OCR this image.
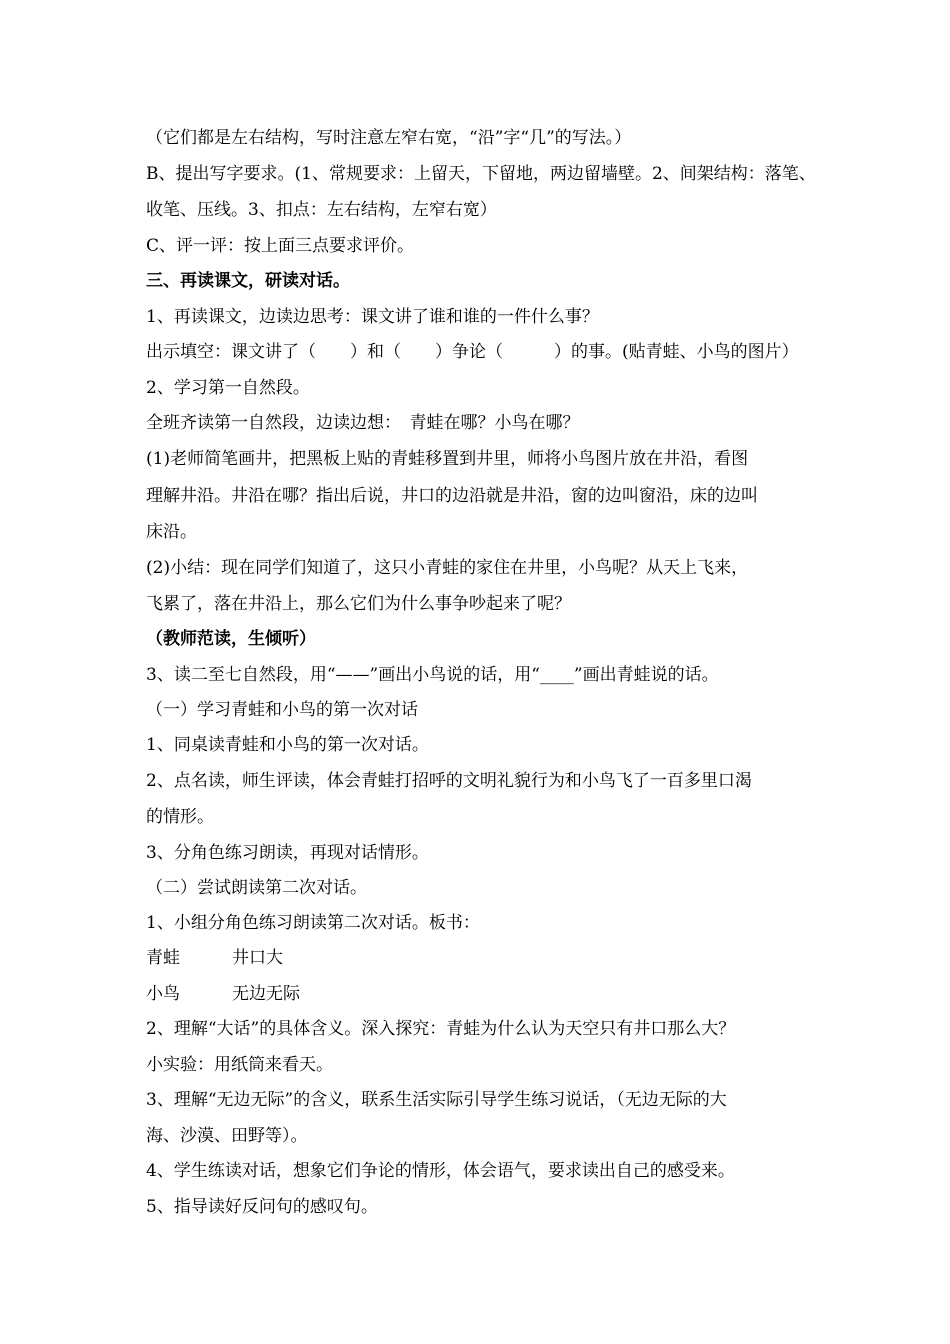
（它们都是左右结构，写时注意左窄右宽，“沿”字“几”的写法。）
B、提出写字要求。(1、常规要求：上留天，下留地，两边留墙壁。2、间架结构：落笔、
收笔、压线。3、扣点：左右结构，左窄右宽）
C、评一评：按上面三点要求评价。
三、再读课文，研读对话。
1、再读课文，边读边思考：课文讲了谁和谁的一件什么事？
出示填空：课文讲了（　　）和（　　）争论（　　　）的事。(贴青蛙、小鸟的图片）
2、学习第一自然段。
全班齐读第一自然段，边读边想：　青蛙在哪？小鸟在哪？
(1)老师简笔画井，把黑板上贴的青蛙移置到井里，师将小鸟图片放在井沿，看图
理解井沿。井沿在哪？指出后说，井口的边沿就是井沿，窗的边叫窗沿，床的边叫
床沿。
(2)小结：现在同学们知道了，这只小青蛙的家住在井里，小鸟呢？从天上飞来，
飞累了，落在井沿上，那么它们为什么事争吵起来了呢？
（教师范读，生倾听）
3、读二至七自然段，用“——”画出小鸟说的话，用“____”画出青蛙说的话。
（一）学习青蛙和小鸟的第一次对话
1、同桌读青蛙和小鸟的第一次对话。
2、点名读，师生评读，体会青蛙打招呼的文明礼貌行为和小鸟飞了一百多里口渴
的情形。
3、分角色练习朗读，再现对话情形。
（二）尝试朗读第二次对话。
1、小组分角色练习朗读第二次对话。板书：
青蛙	井口大
小鸟	无边无际
2、理解“大话”的具体含义。深入探究：青蛙为什么认为天空只有井口那么大？
小实验：用纸筒来看天。
3、理解“无边无际”的含义，联系生活实际引导学生练习说话，（无边无际的大
海、沙漠、田野等）。
4、学生练读对话，想象它们争论的情形，体会语气，要求读出自己的感受来。
5、指导读好反问句的感叹句。
